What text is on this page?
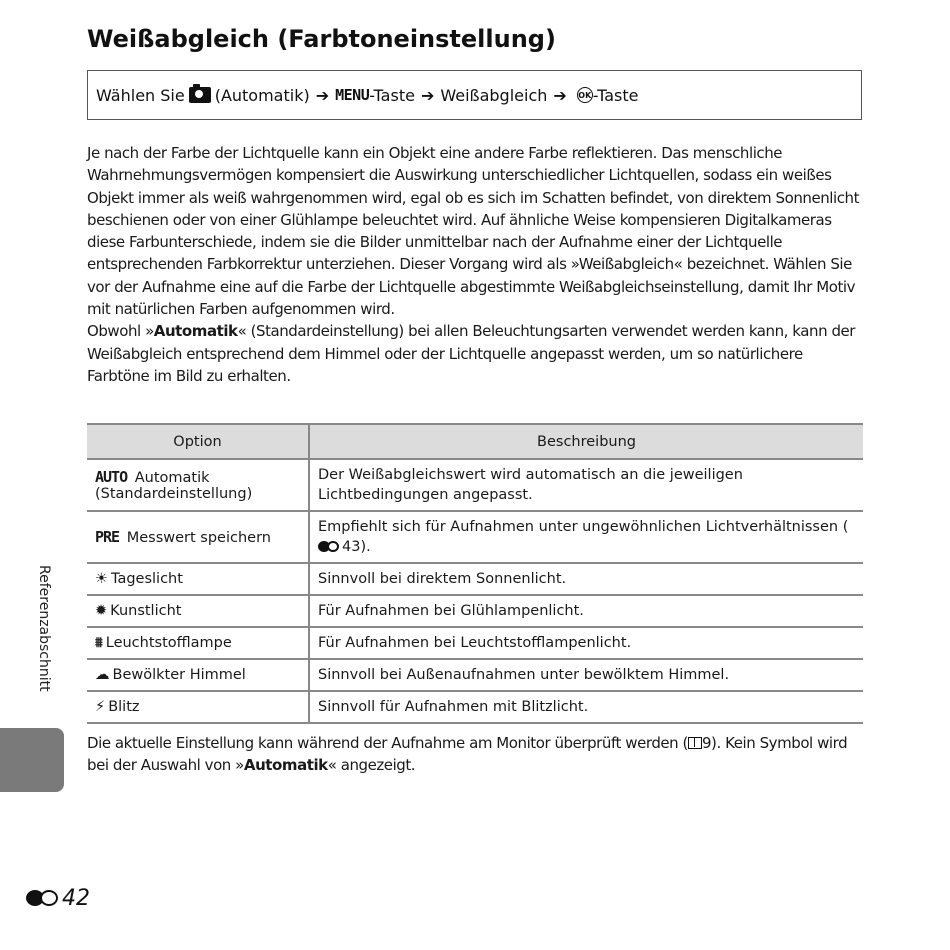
Weißabgleich (Farbtoneinstellung)
Wählen Sie (Automatik) ➔ MENU -Taste ➔ Weißabgleich ➔ OK -Taste

Je nach der Farbe der Lichtquelle kann ein Objekt eine andere Farbe reflektieren. Das menschliche Wahrnehmungsvermögen kompensiert die Auswirkung unterschiedlicher Lichtquellen, sodass ein weißes Objekt immer als weiß wahrgenommen wird, egal ob es sich im Schatten befindet, von direktem Sonnenlicht beschienen oder von einer Glühlampe beleuchtet wird. Auf ähnliche Weise kompensieren Digitalkameras diese Farbunterschiede, indem sie die Bilder unmittelbar nach der Aufnahme einer der Lichtquelle entsprechenden Farbkorrektur unterziehen. Dieser Vorgang wird als »Weißabgleich« bezeichnet. Wählen Sie vor der Aufnahme eine auf die Farbe der Lichtquelle abgestimmte Weißabgleichseinstellung, damit Ihr Motiv mit natürlichen Farben aufgenommen wird.

Obwohl »Automatik« (Standardeinstellung) bei allen Beleuchtungsarten verwendet werden kann, kann der Weißabgleich entsprechend dem Himmel oder der Lichtquelle angepasst werden, um so natürlichere Farbtöne im Bild zu erhalten.

Option	Beschreibung
AUTO Automatik
(Standardeinstellung)	Der Weißabgleichswert wird automatisch an die jeweiligen Lichtbedingungen angepasst.
PRE Messwert speichern	Empfiehlt sich für Aufnahmen unter ungewöhnlichen Lichtverhältnissen (
43).
☀ Tageslicht	Sinnvoll bei direktem Sonnenlicht.
✹ Kunstlicht	Für Aufnahmen bei Glühlampenlicht.
⩩ Leuchtstofflampe	Für Aufnahmen bei Leuchtstofflampenlicht.
☁ Bewölkter Himmel	Sinnvoll bei Außenaufnahmen unter bewölktem Himmel.
⚡ Blitz	Sinnvoll für Aufnahmen mit Blitzlicht.
Die aktuelle Einstellung kann während der Aufnahme am Monitor überprüft werden ( 9). Kein Symbol wird bei der Auswahl von »Automatik« angezeigt.
Referenzabschnitt
42
